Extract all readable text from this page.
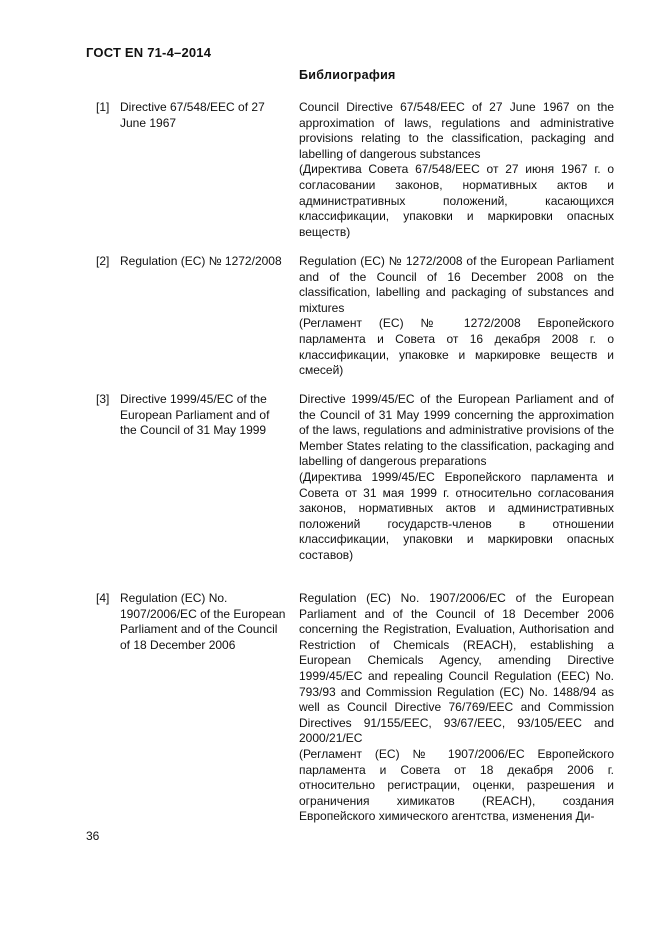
ГОСТ EN 71-4–2014
Библиография
[1] Directive 67/548/EEC of 27 June 1967

Council Directive 67/548/EEC of 27 June 1967 on the approximation of laws, regulations and administrative provisions relating to the classification, packaging and labelling of dangerous substances

(Директива Совета 67/548/EEC от 27 июня 1967 г. о согласовании законов, нормативных актов и административных положений, касающихся классификации, упаковки и маркировки опасных веществ)

[2] Regulation (EC) № 1272/2008	Regulation (EC) № 1272/2008 of the European Parliament and of the Council of 16 December 2008 on the classification, labelling and packaging of substances and mixtures

(Регламент (ЕС) № 1272/2008 Европейского парламента и Совета от 16 декабря 2008 г. о классификации, упаковке и маркировке веществ и смесей)

[3] Directive 1999/45/EC of the European Parliament and of the Council of 31 May 1999

Directive 1999/45/EC of the European Parliament and of the Council of 31 May 1999 concerning the approximation of the laws, regulations and administrative provisions of the Member States relating to the classification, packaging and labelling of dangerous preparations

(Директива 1999/45/ЕС Европейского парламента и Совета от 31 мая 1999 г. относительно согласования законов, нормативных актов и административных положений государств-членов в отношении классификации, упаковки и маркировки опасных составов)

[4] Regulation (EC) No. 1907/2006/EC of the European Parliament and of the Council of 18 December 2006

Regulation (EC) No. 1907/2006/EC of the European Parliament and of the Council of 18 December 2006 concerning the Registration, Evaluation, Authorisation and Restriction of Chemicals (REACH), establishing a European Chemicals Agency, amending Directive 1999/45/EC and repealing Council Regulation (EEC) No. 793/93 and Commission Regulation (EC) No. 1488/94 as well as Council Directive 76/769/EEC and Commission Directives 91/155/EEC, 93/67/EEC, 93/105/EEC and 2000/21/EC

(Регламент (ЕС) № 1907/2006/ЕС Европейского парламента и Совета от 18 декабря 2006 г. относительно регистрации, оценки, разрешения и ограничения химикатов (REACH), создания Европейского химического агентства, изменения Ди-

36
